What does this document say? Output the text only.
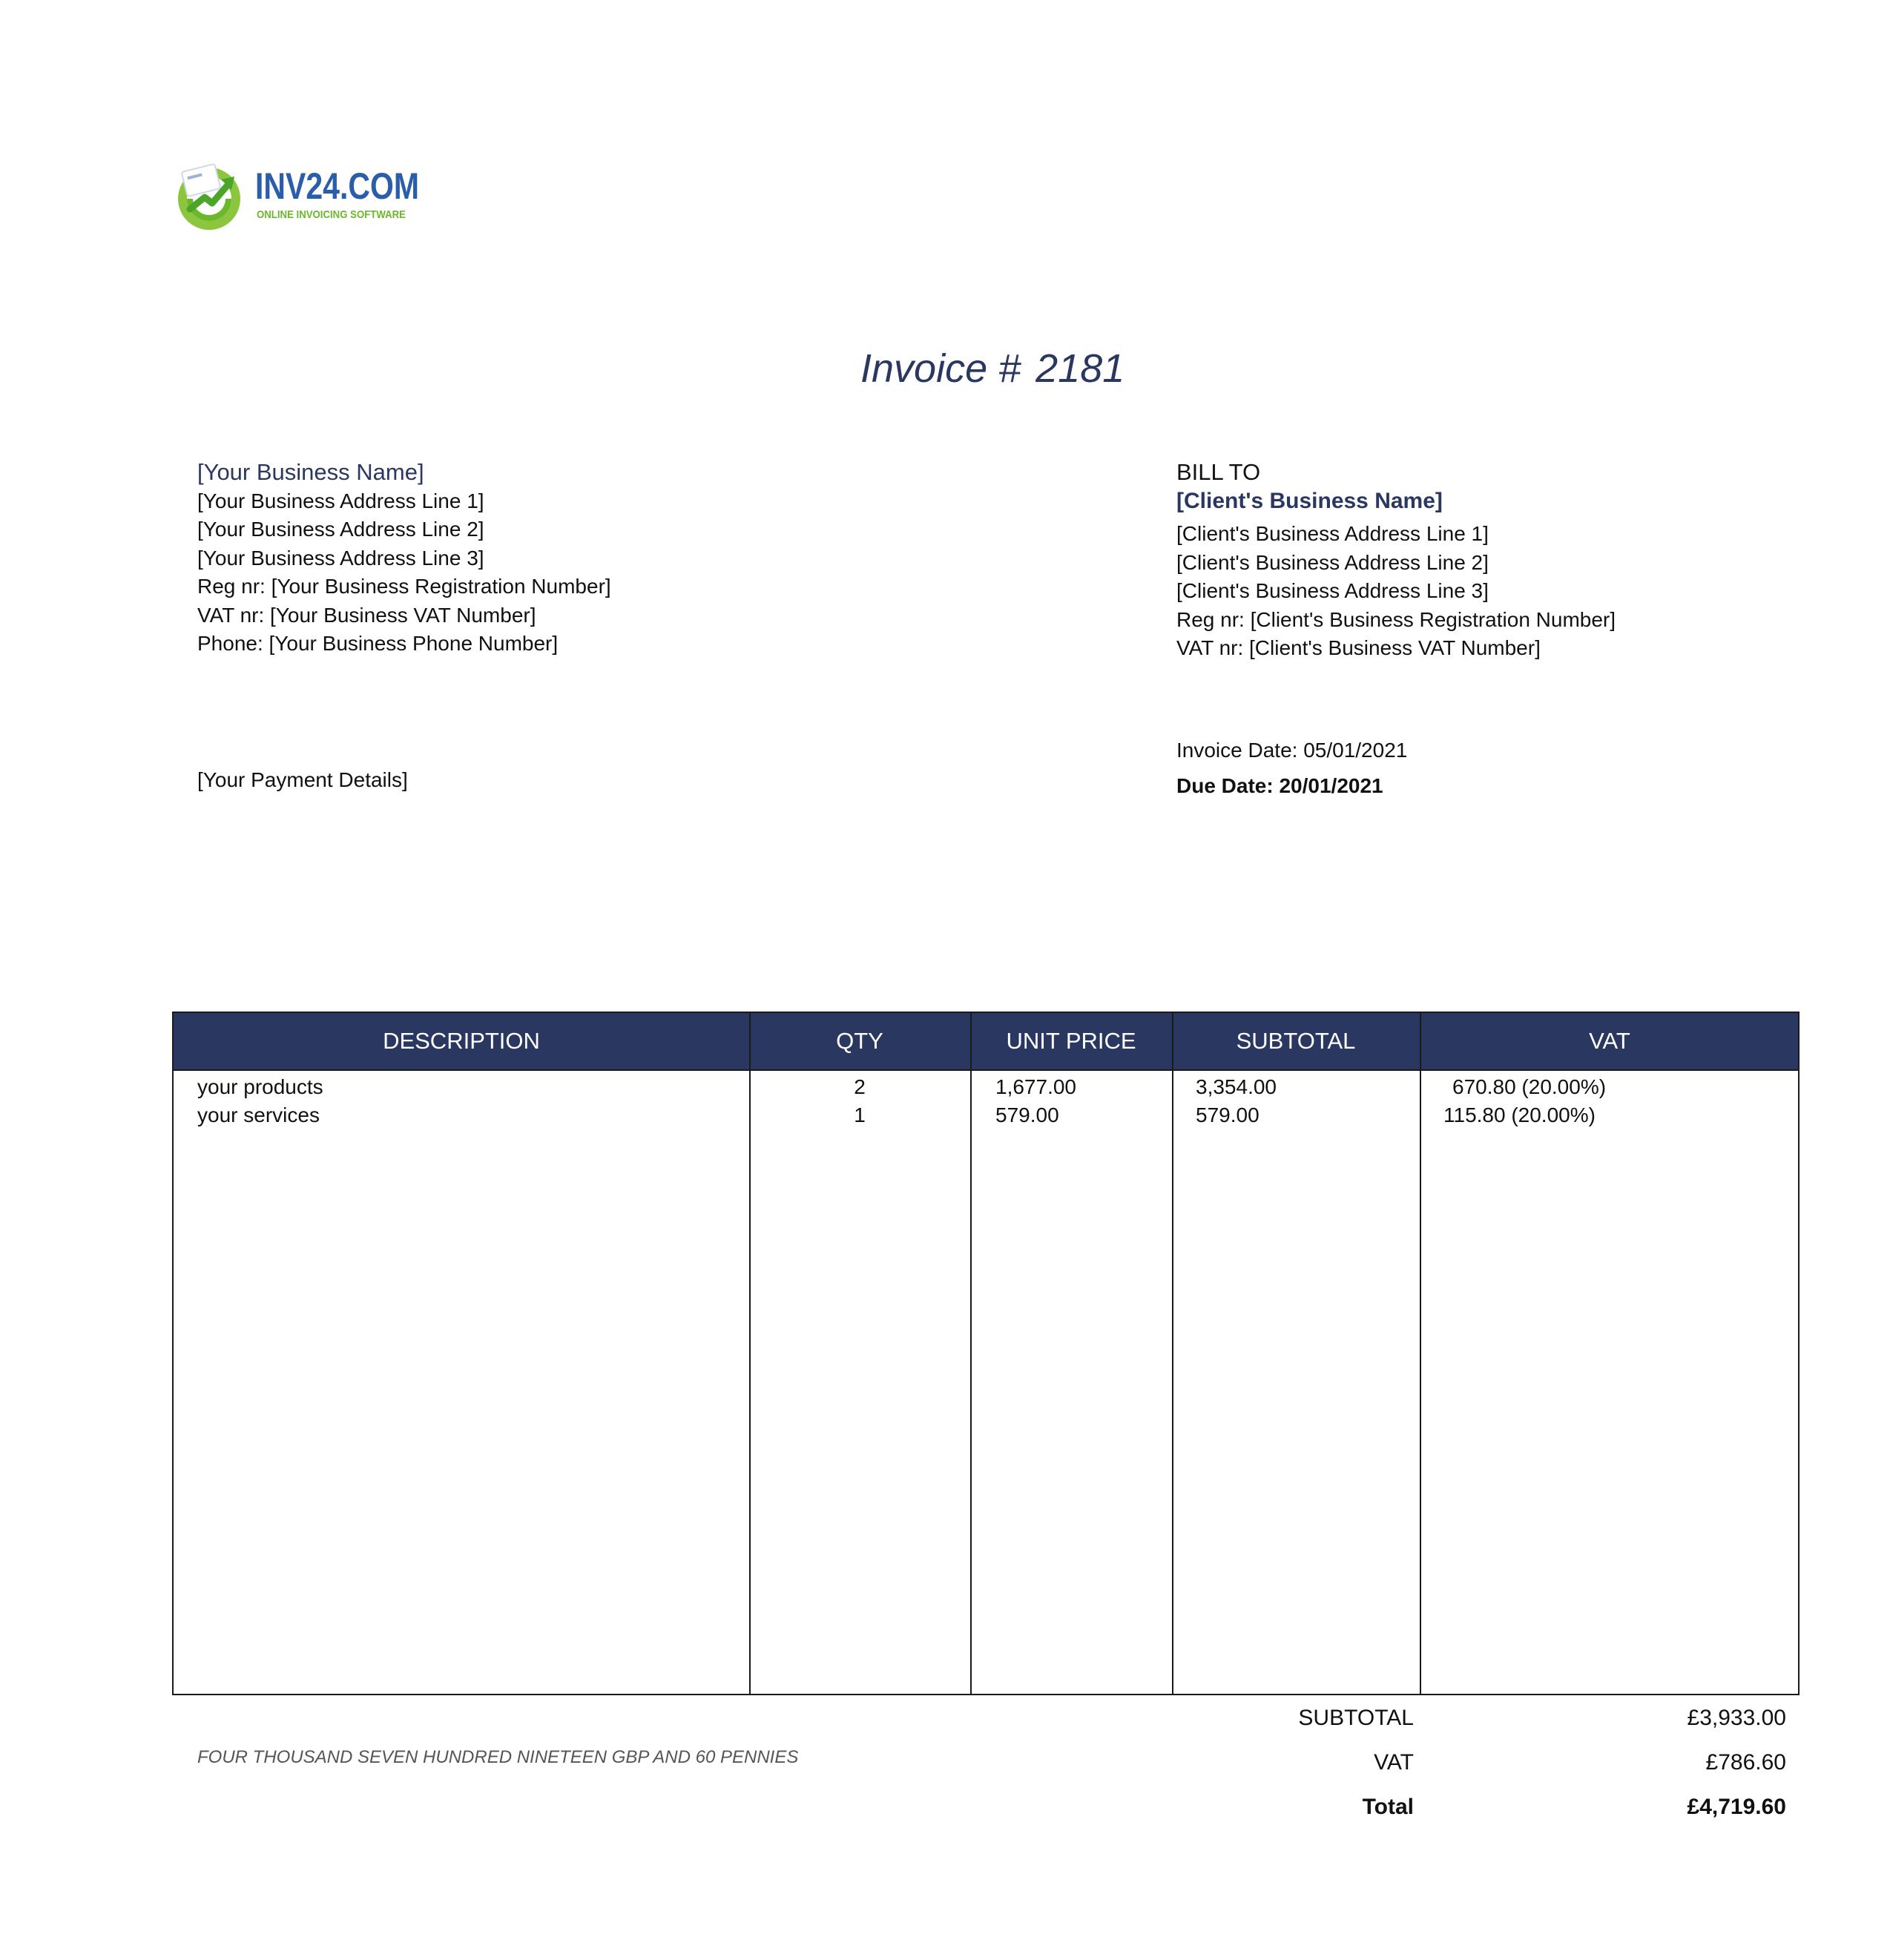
INV24.COM
ONLINE INVOICING SOFTWARE
Invoice # 2181
[Your Business Name]
[Your Business Address Line 1]
[Your Business Address Line 2]
[Your Business Address Line 3]
Reg nr: [Your Business Registration Number]
VAT nr: [Your Business VAT Number]
Phone: [Your Business Phone Number]
BILL TO
[Client's Business Name]
[Client's Business Address Line 1]
[Client's Business Address Line 2]
[Client's Business Address Line 3]
Reg nr: [Client's Business Registration Number]
VAT nr: [Client's Business VAT Number]
[Your Payment Details]
Invoice Date: 05/01/2021
Due Date: 20/01/2021
DESCRIPTION	QTY	UNIT PRICE	SUBTOTAL	VAT
your products	2	1,677.00	3,354.00	670.80 (20.00%)
your services	1	579.00	579.00	115.80 (20.00%)
FOUR THOUSAND SEVEN HUNDRED NINETEEN GBP AND 60 PENNIES
SUBTOTAL	£3,933.00
VAT	£786.60
Total	£4,719.60
